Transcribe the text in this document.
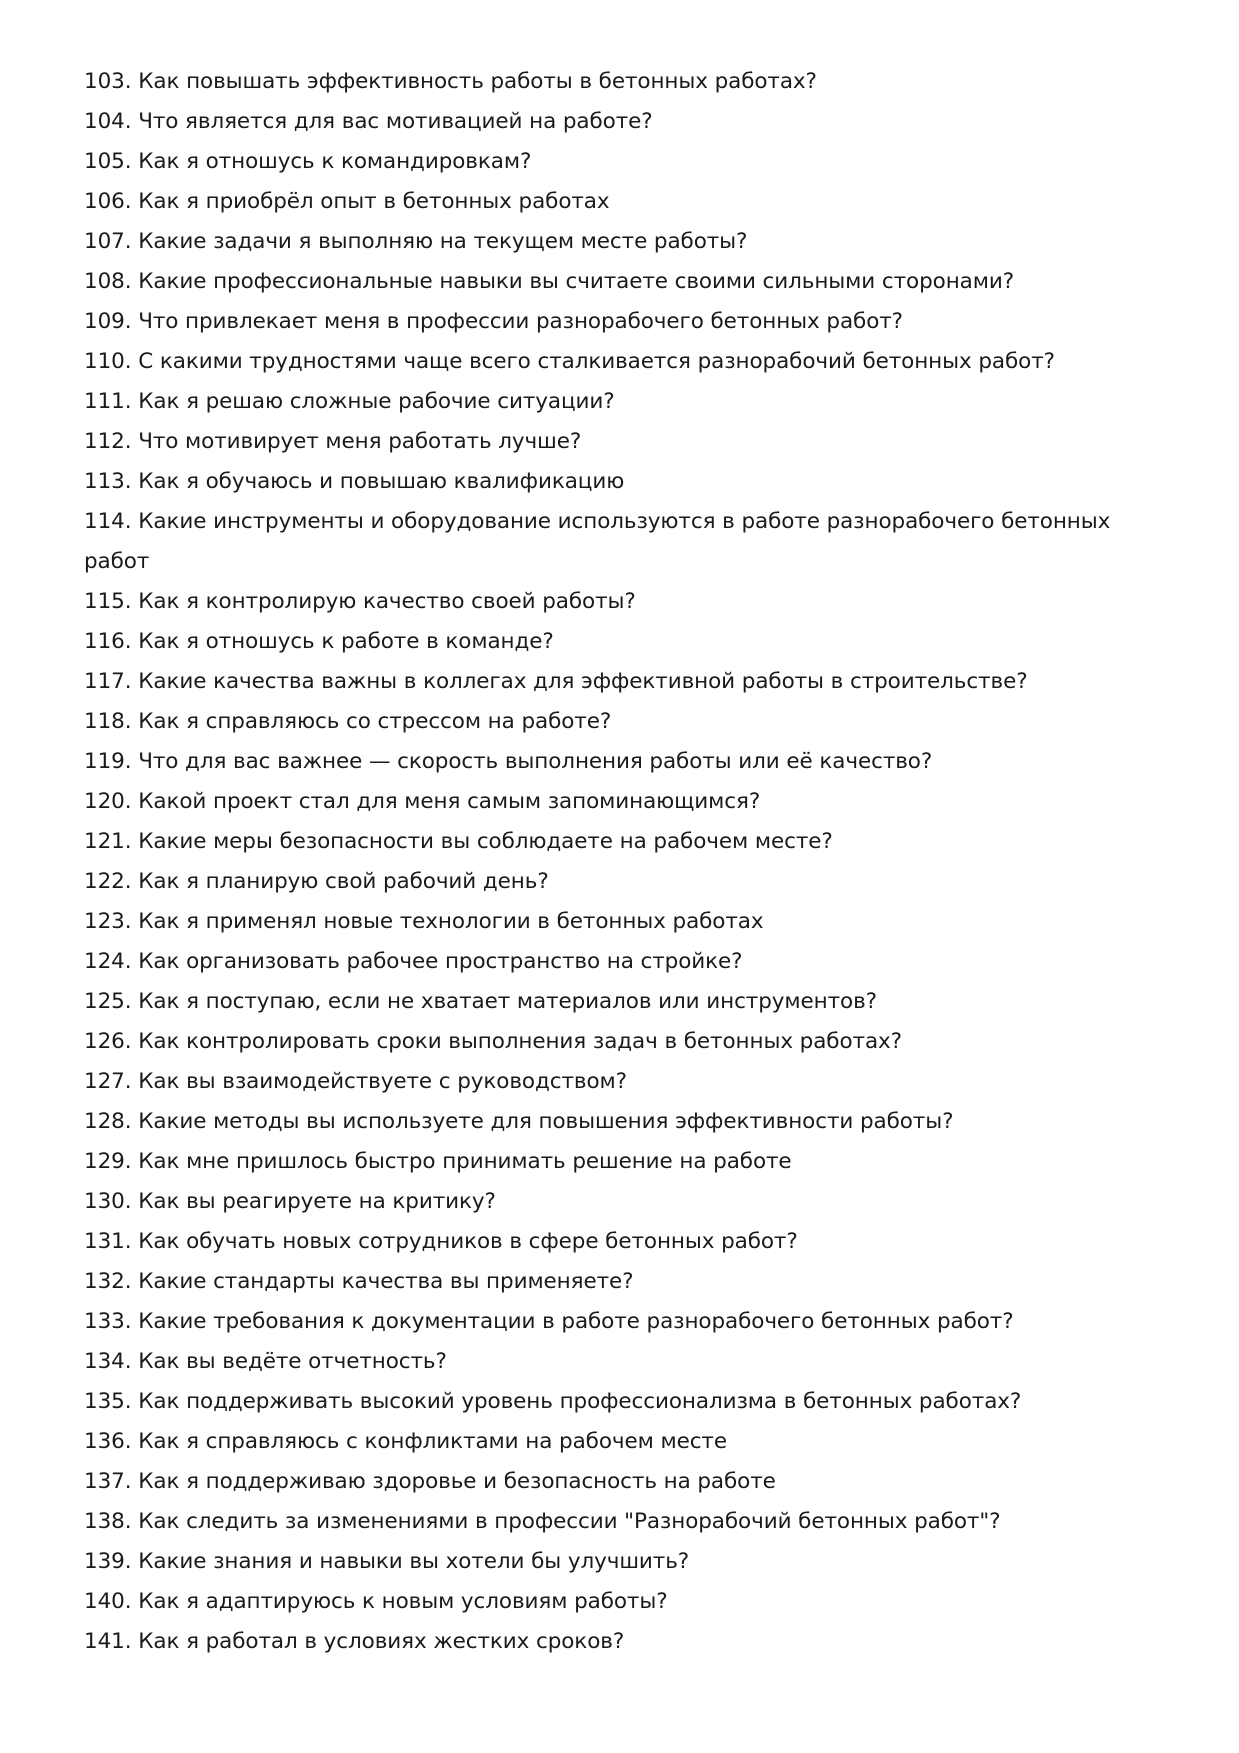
103. Как повышать эффективность работы в бетонных работах?
104. Что является для вас мотивацией на работе?
105. Как я отношусь к командировкам?
106. Как я приобрёл опыт в бетонных работах
107. Какие задачи я выполняю на текущем месте работы?
108. Какие профессиональные навыки вы считаете своими сильными сторонами?
109. Что привлекает меня в профессии разнорабочего бетонных работ?
110. С какими трудностями чаще всего сталкивается разнорабочий бетонных работ?
111. Как я решаю сложные рабочие ситуации?
112. Что мотивирует меня работать лучше?
113. Как я обучаюсь и повышаю квалификацию
114. Какие инструменты и оборудование используются в работе разнорабочего бетонных работ
115. Как я контролирую качество своей работы?
116. Как я отношусь к работе в команде?
117. Какие качества важны в коллегах для эффективной работы в строительстве?
118. Как я справляюсь со стрессом на работе?
119. Что для вас важнее — скорость выполнения работы или её качество?
120. Какой проект стал для меня самым запоминающимся?
121. Какие меры безопасности вы соблюдаете на рабочем месте?
122. Как я планирую свой рабочий день?
123. Как я применял новые технологии в бетонных работах
124. Как организовать рабочее пространство на стройке?
125. Как я поступаю, если не хватает материалов или инструментов?
126. Как контролировать сроки выполнения задач в бетонных работах?
127. Как вы взаимодействуете с руководством?
128. Какие методы вы используете для повышения эффективности работы?
129. Как мне пришлось быстро принимать решение на работе
130. Как вы реагируете на критику?
131. Как обучать новых сотрудников в сфере бетонных работ?
132. Какие стандарты качества вы применяете?
133. Какие требования к документации в работе разнорабочего бетонных работ?
134. Как вы ведёте отчетность?
135. Как поддерживать высокий уровень профессионализма в бетонных работах?
136. Как я справляюсь с конфликтами на рабочем месте
137. Как я поддерживаю здоровье и безопасность на работе
138. Как следить за изменениями в профессии "Разнорабочий бетонных работ"?
139. Какие знания и навыки вы хотели бы улучшить?
140. Как я адаптируюсь к новым условиям работы?
141. Как я работал в условиях жестких сроков?
